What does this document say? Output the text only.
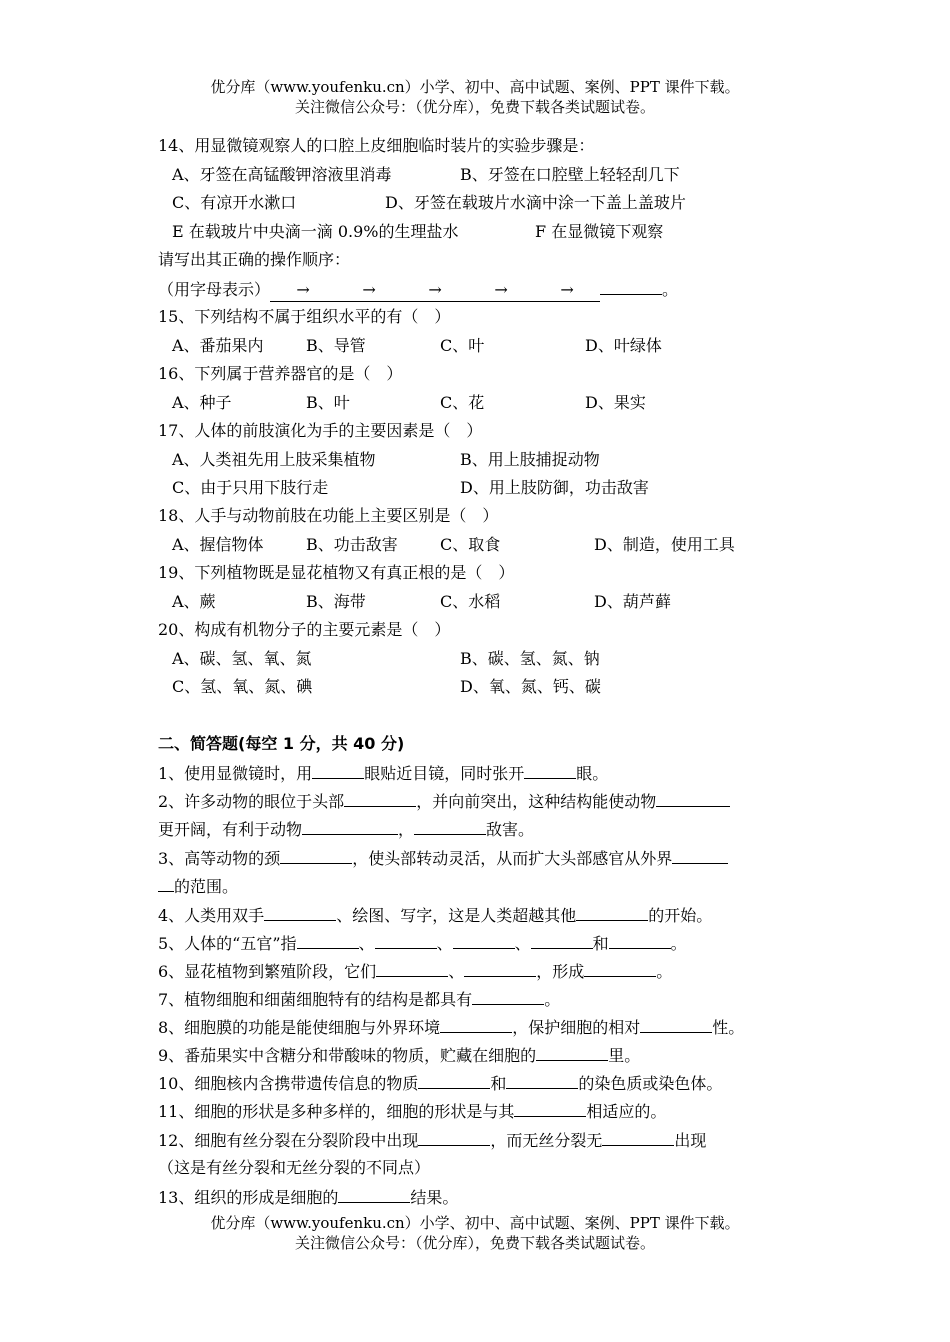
优分库（www.youfenku.cn）小学、初中、高中试题、案例、PPT 课件下载。
关注微信公众号：（优分库），免费下载各类试题试卷。
14、用显微镜观察人的口腔上皮细胞临时装片的实验步骤是：
A、牙签在高锰酸钾溶液里消毒	B、牙签在口腔壁上轻轻刮几下
C、有凉开水漱口	D、牙签在载玻片水滴中涂一下盖上盖玻片
E 在载玻片中央滴一滴 0.9%的生理盐水	F 在显微镜下观察
请写出其正确的操作顺序：
（用字母表示） →	→	→	→	→	。
15、下列结构不属于组织水平的有（　）
A、番茄果内	B、导管	C、叶	D、叶绿体
16、下列属于营养器官的是（　）
A、种子	B、叶	C、花	D、果实
17、人体的前肢演化为手的主要因素是（　）
A、人类祖先用上肢采集植物	B、用上肢捕捉动物
C、由于只用下肢行走	D、用上肢防御，功击敌害
18、人手与动物前肢在功能上主要区别是（　）
A、握信物体	B、功击敌害	C、取食	D、制造，使用工具
19、下列植物既是显花植物又有真正根的是（　）
A、蕨	B、海带	C、水稻	D、葫芦藓
20、构成有机物分子的主要元素是（　）
A、碳、氢、氧、氮	B、碳、氢、氮、钠
C、氢、氧、氮、碘	D、氧、氮、钙、碳
二、简答题(每空 1 分，共 40 分)
1、使用显微镜时，用	眼贴近目镜，同时张开	眼。
2、许多动物的眼位于头部	，并向前突出，这种结构能使动物
更开阔，有利于动物	，	敌害。
3、高等动物的颈	，使头部转动灵活，从而扩大头部感官从外界
的范围。
4、人类用双手	、绘图、写字，这是人类超越其他	的开始。
5、人体的“五官”指	、	、	、	和	。
6、显花植物到繁殖阶段，它们	、	，形成	。
7、植物细胞和细菌细胞特有的结构是都具有	。
8、细胞膜的功能是能使细胞与外界环境	，保护细胞的相对	性。
9、番茄果实中含糖分和带酸味的物质，贮藏在细胞的	里。
10、细胞核内含携带遗传信息的物质	和	的染色质或染色体。
11、细胞的形状是多种多样的，细胞的形状是与其	相适应的。
12、细胞有丝分裂在分裂阶段中出现	，而无丝分裂无	出现
（这是有丝分裂和无丝分裂的不同点）
13、组织的形成是细胞的	结果。
优分库（www.youfenku.cn）小学、初中、高中试题、案例、PPT 课件下载。
关注微信公众号：（优分库），免费下载各类试题试卷。
